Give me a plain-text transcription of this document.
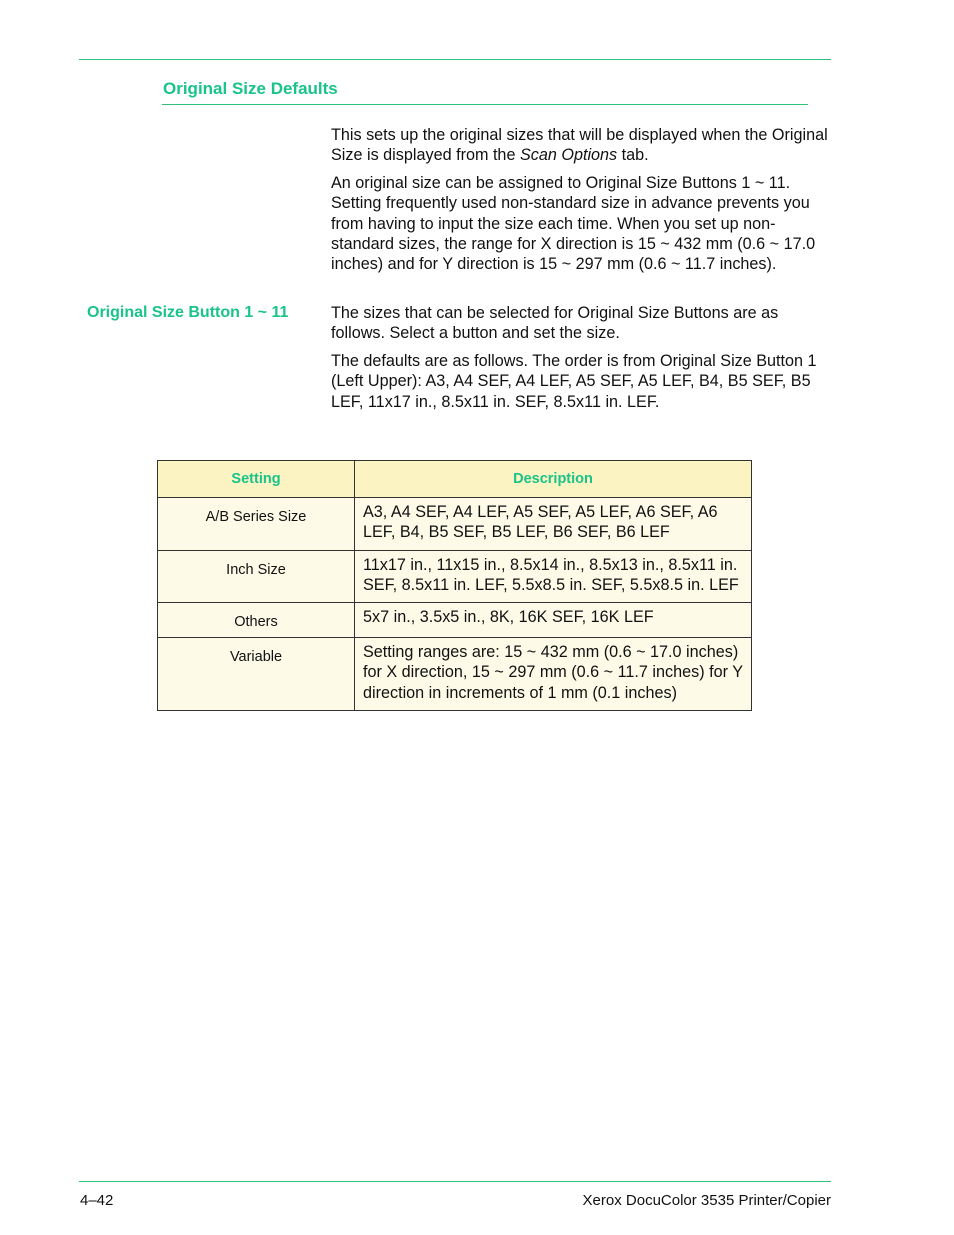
Original Size Defaults

This sets up the original sizes that will be displayed when the Original Size is displayed from the Scan Options tab.

An original size can be assigned to Original Size Buttons 1 ~ 11. Setting frequently used non-standard size in advance prevents you from having to input the size each time. When you set up non-standard sizes, the range for X direction is 15 ~ 432 mm (0.6 ~ 17.0 inches) and for Y direction is 15 ~ 297 mm (0.6 ~ 11.7 inches).

Original Size Button 1 ~ 11	The sizes that can be selected for Original Size Buttons are as follows. Select a button and set the size.

The defaults are as follows. The order is from Original Size Button 1 (Left Upper): A3, A4 SEF, A4 LEF, A5 SEF, A5 LEF, B4, B5 SEF, B5 LEF, 11x17 in., 8.5x11 in. SEF, 8.5x11 in. LEF.

Setting	Description
A/B Series Size	A3, A4 SEF, A4 LEF, A5 SEF, A5 LEF, A6 SEF, A6 LEF, B4, B5 SEF, B5 LEF, B6 SEF, B6 LEF
Inch Size	11x17 in., 11x15 in., 8.5x14 in., 8.5x13 in., 8.5x11 in. SEF, 8.5x11 in. LEF, 5.5x8.5 in. SEF, 5.5x8.5 in. LEF
Others	5x7 in., 3.5x5 in., 8K, 16K SEF, 16K LEF
Variable	Setting ranges are: 15 ~ 432 mm (0.6 ~ 17.0 inches) for X direction, 15 ~ 297 mm (0.6 ~ 11.7 inches) for Y direction in increments of 1 mm (0.1 inches)
4–42	Xerox DocuColor 3535 Printer/Copier
